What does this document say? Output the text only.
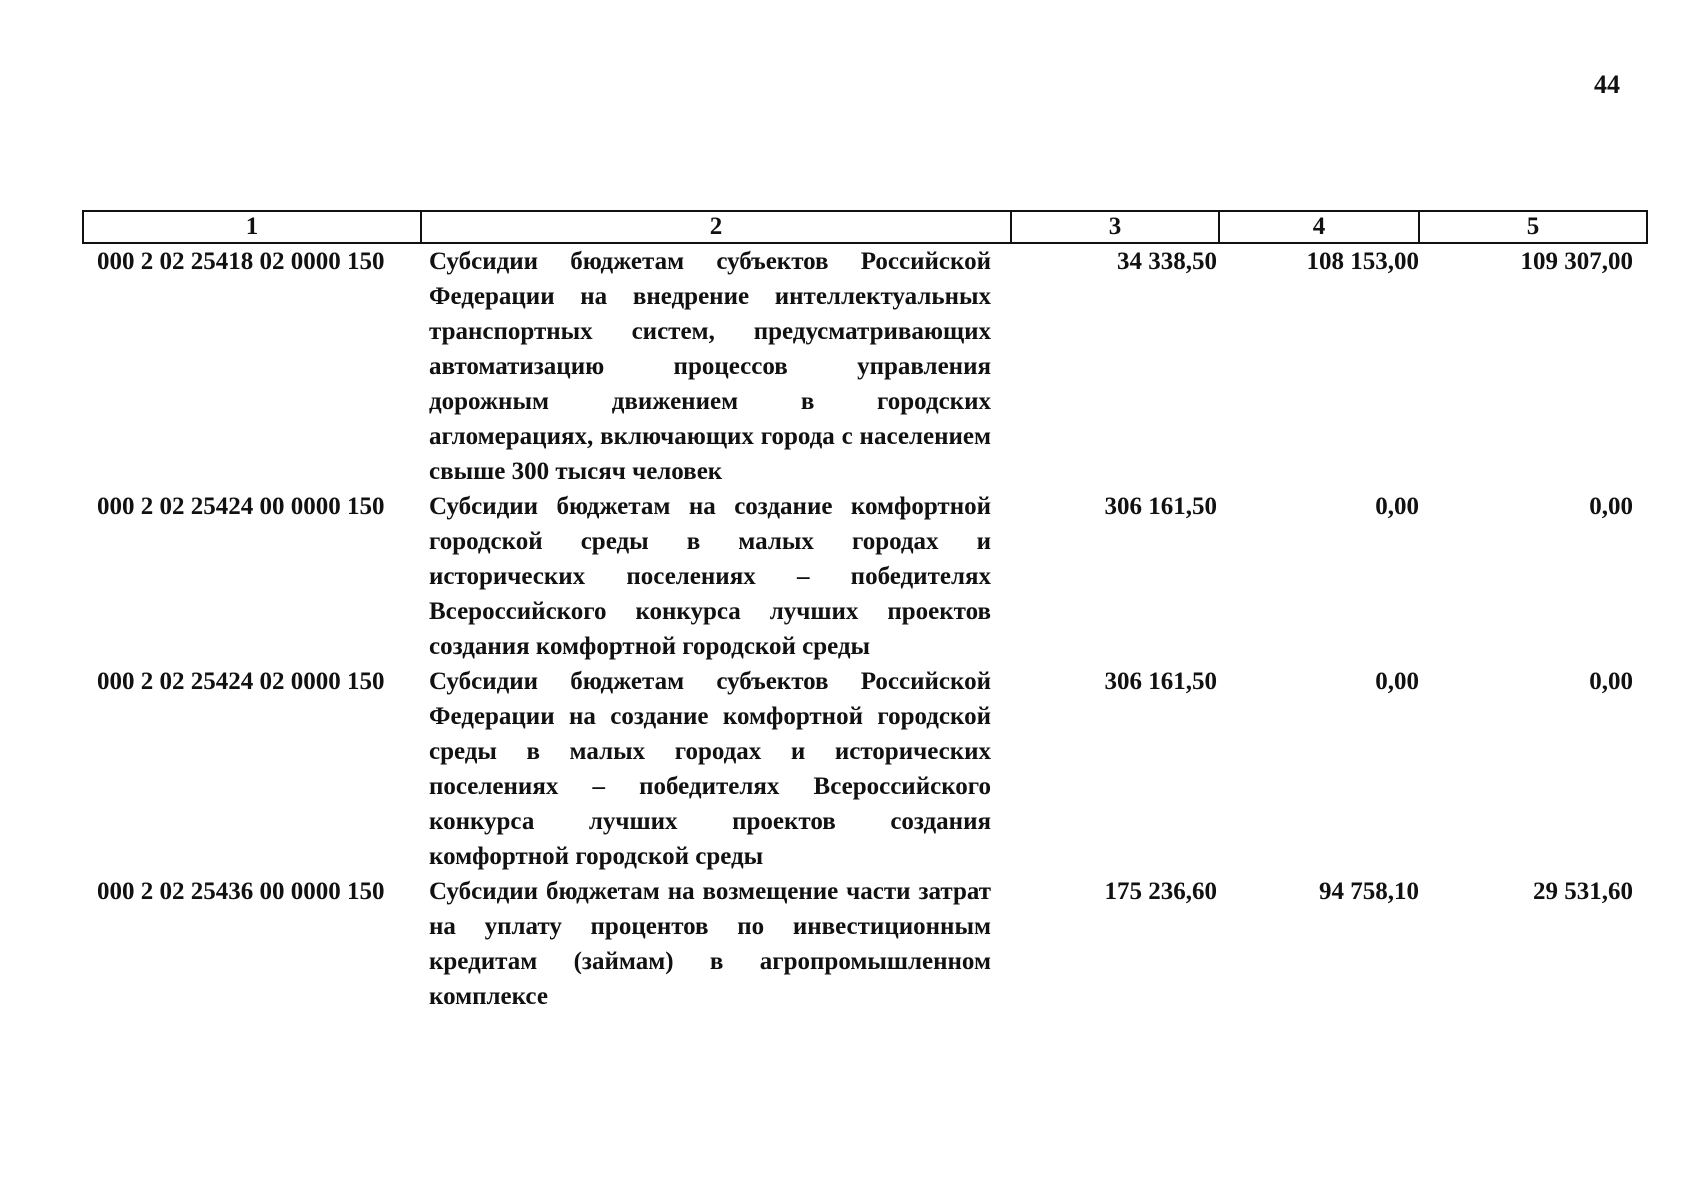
44
1	2	3	4	5
000 2 02 25418 02 0000 150	Субсидии бюджетам субъектов Российской Федерации на внедрение интеллектуальных транспортных систем, предусматривающих автоматизацию процессов управления дорожным движением в городских агломерациях, включающих города с населением свыше 300 тысяч человек	34 338,50	108 153,00	109 307,00
000 2 02 25424 00 0000 150	Субсидии бюджетам на создание комфортной городской среды в малых городах и исторических поселениях – победителях Всероссийского конкурса лучших проектов создания комфортной городской среды	306 161,50	0,00	0,00
000 2 02 25424 02 0000 150	Субсидии бюджетам субъектов Российской Федерации на создание комфортной городской среды в малых городах и исторических поселениях – победителях Всероссийского конкурса лучших проектов создания комфортной городской среды	306 161,50	0,00	0,00
000 2 02 25436 00 0000 150	Субсидии бюджетам на возмещение части затрат на уплату процентов по инвестиционным кредитам (займам) в агропромышленном комплексе	175 236,60	94 758,10	29 531,60
